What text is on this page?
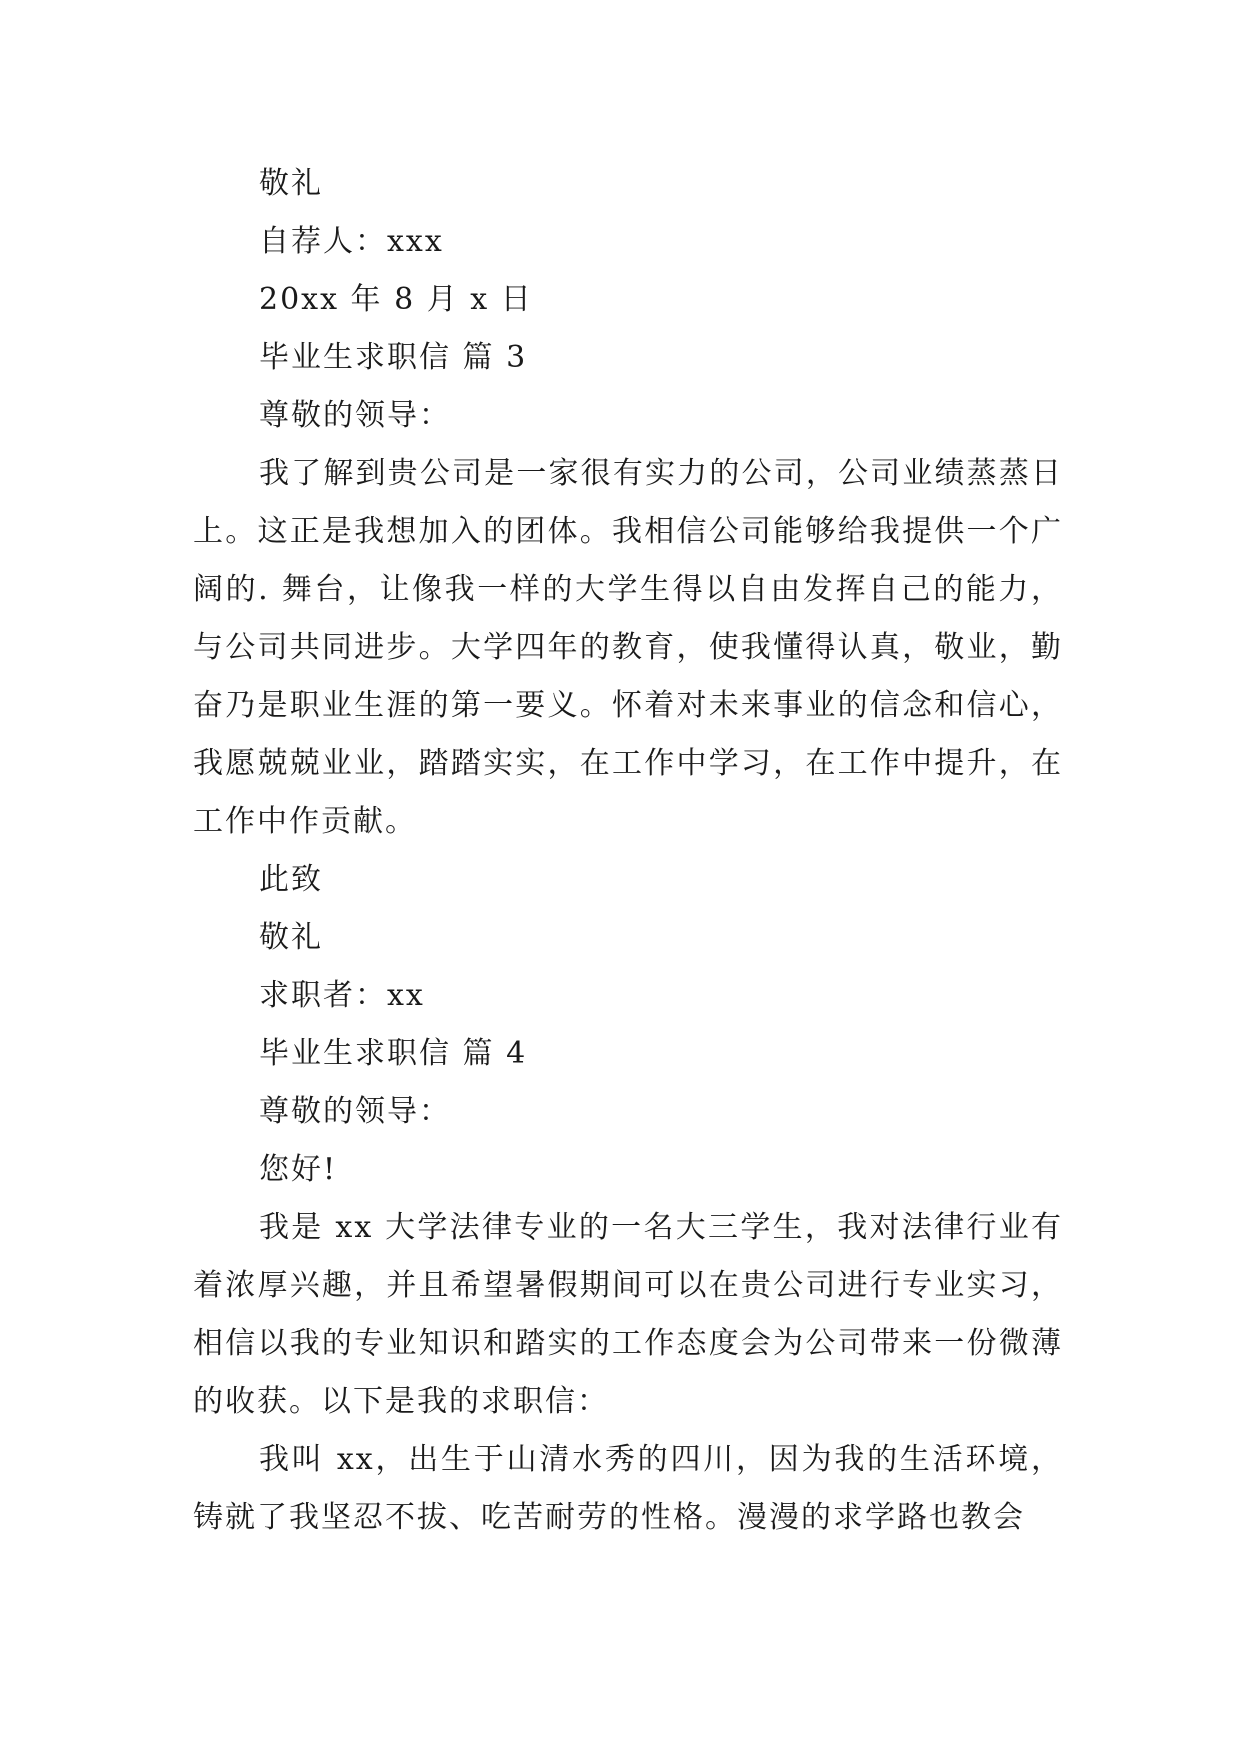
敬礼
自荐人：xxx
20xx 年 8 月 x 日
毕业生求职信 篇 3
尊敬的领导：

我了解到贵公司是一家很有实力的公司，公司业绩蒸蒸日上。这正是我想加入的团体。我相信公司能够给我提供一个广阔的. 舞台，让像我一样的大学生得以自由发挥自己的能力，与公司共同进步。大学四年的教育，使我懂得认真，敬业，勤奋乃是职业生涯的第一要义。怀着对未来事业的信念和信心，我愿兢兢业业，踏踏实实，在工作中学习，在工作中提升，在工作中作贡献。

此致
敬礼
求职者：xx
毕业生求职信 篇 4
尊敬的领导：
您好!

我是 xx 大学法律专业的一名大三学生，我对法律行业有着浓厚兴趣，并且希望暑假期间可以在贵公司进行专业实习，相信以我的专业知识和踏实的工作态度会为公司带来一份微薄的收获。以下是我的求职信：

我叫 xx，出生于山清水秀的四川，因为我的生活环境，铸就了我坚忍不拔、吃苦耐劳的性格。漫漫的求学路也教会
